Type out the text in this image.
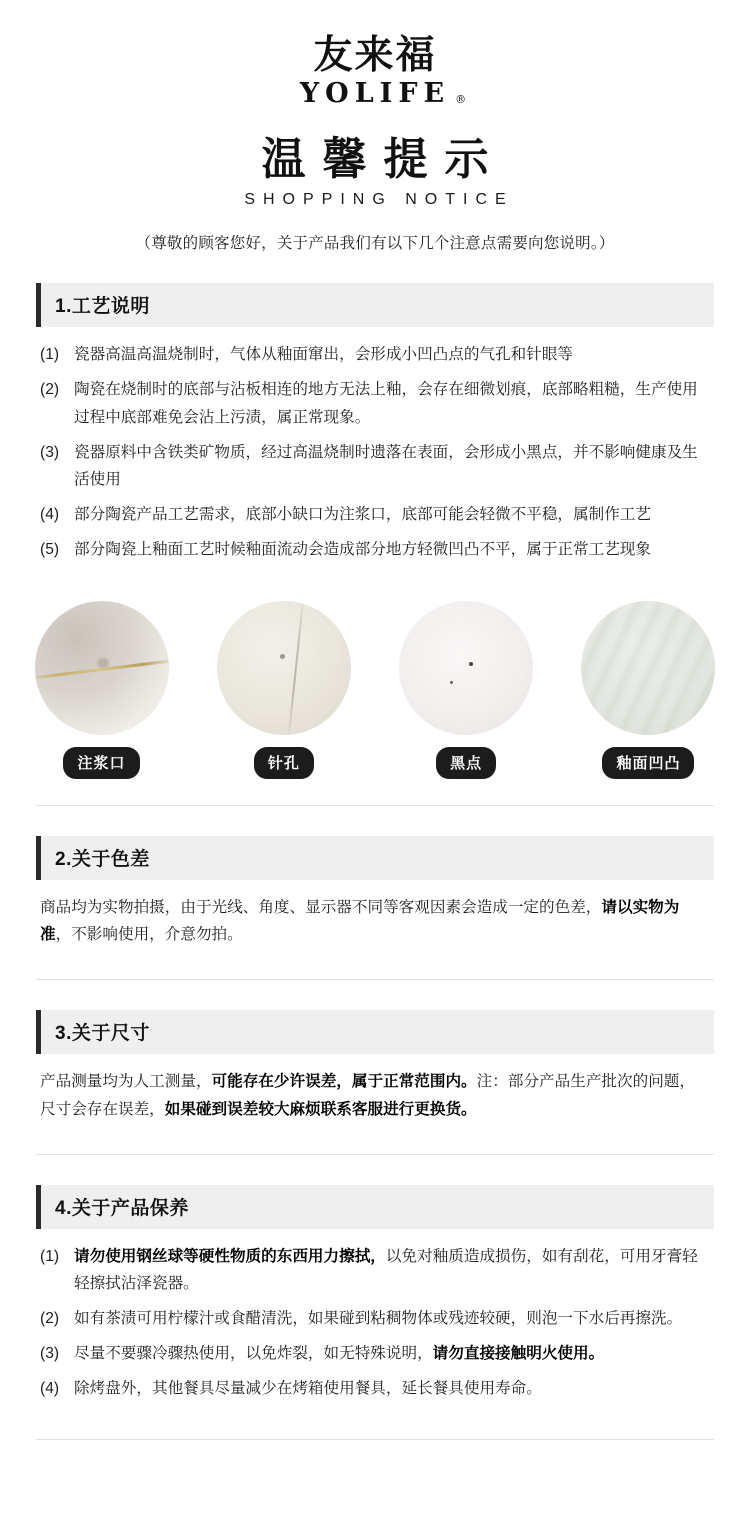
友来福
YOLIFE ®
温馨提示
SHOPPING NOTICE
（尊敬的顾客您好，关于产品我们有以下几个注意点需要向您说明。）
1.工艺说明
(1) 瓷器高温高温烧制时，气体从釉面窜出，会形成小凹凸点的气孔和针眼等
(2) 陶瓷在烧制时的底部与沾板相连的地方无法上釉，会存在细微划痕，底部略粗糙，生产使用过程中底部难免会沾上污渍，属正常现象。
(3) 瓷器原料中含铁类矿物质，经过高温烧制时遗落在表面，会形成小黑点，并不影响健康及生活使用
(4) 部分陶瓷产品工艺需求，底部小缺口为注浆口，底部可能会轻微不平稳，属制作工艺
(5) 部分陶瓷上釉面工艺时候釉面流动会造成部分地方轻微凹凸不平，属于正常工艺现象
注浆口	针孔	黑点	釉面凹凸
2.关于色差

商品均为实物拍摄，由于光线、角度、显示器不同等客观因素会造成一定的色差，请以实物为准，不影响使用，介意勿拍。

3.关于尺寸

产品测量均为人工测量，可能存在少许误差，属于正常范围内。注：部分产品生产批次的问题，尺寸会存在误差，如果碰到误差较大麻烦联系客服进行更换货。

4.关于产品保养
(1) 请勿使用钢丝球等硬性物质的东西用力擦拭，以免对釉质造成损伤，如有刮花，可用牙膏轻轻擦拭沾泽瓷器。
(2) 如有茶渍可用柠檬汁或食醋清洗，如果碰到粘稠物体或残迹较硬，则泡一下水后再擦洗。
(3) 尽量不要骤冷骤热使用，以免炸裂，如无特殊说明，请勿直接接触明火使用。
(4) 除烤盘外，其他餐具尽量减少在烤箱使用餐具，延长餐具使用寿命。
